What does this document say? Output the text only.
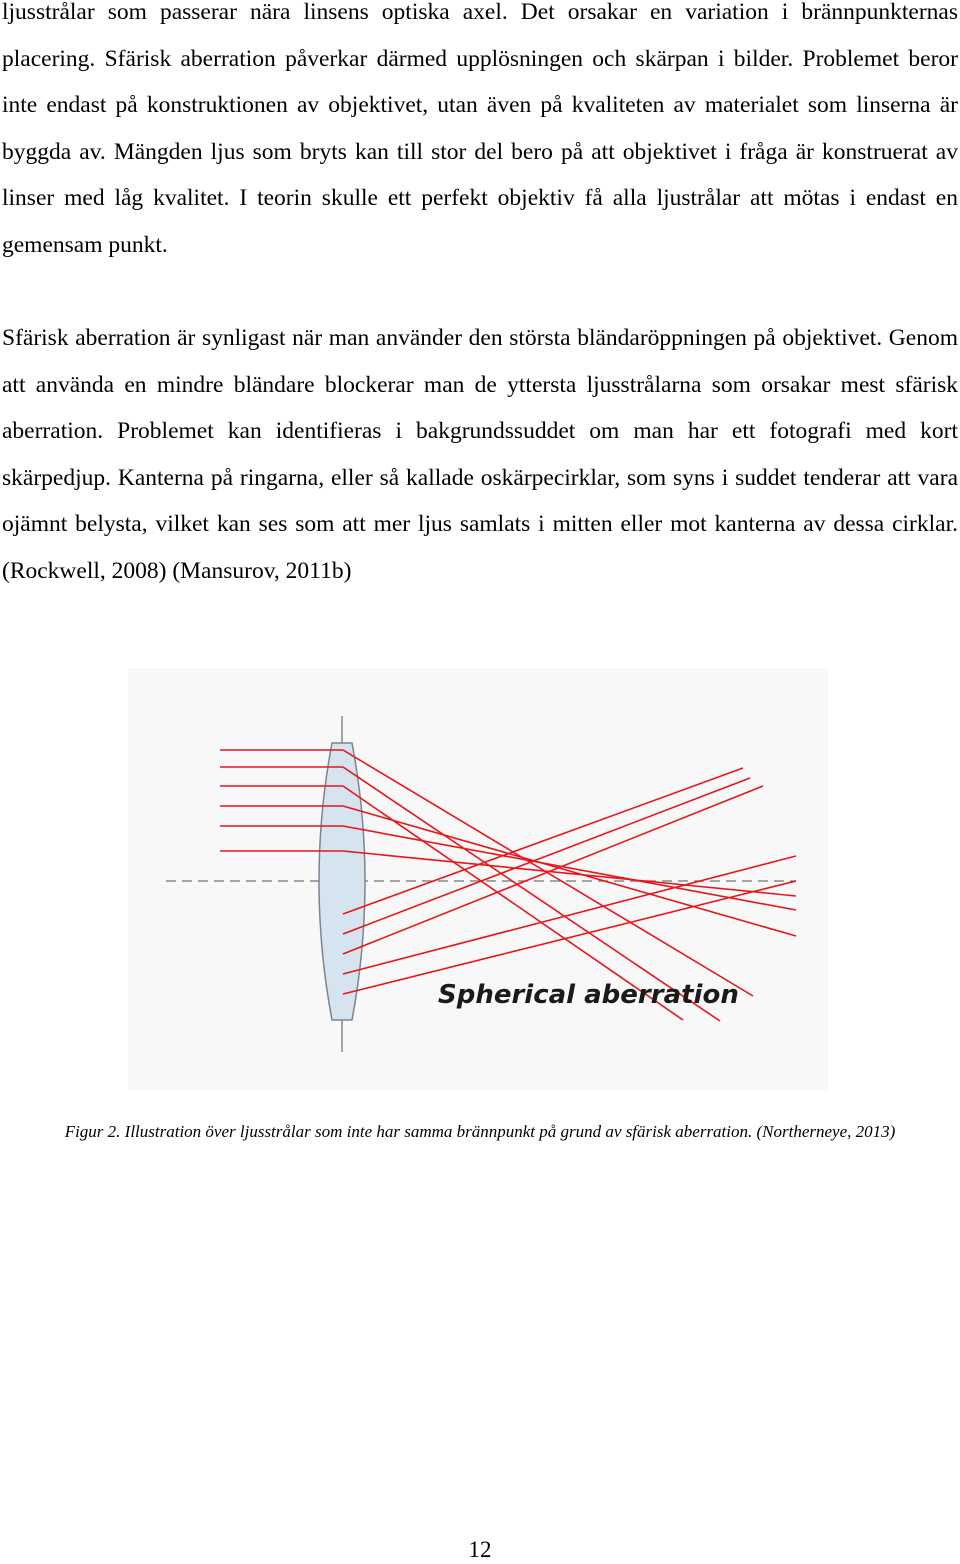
ljusstrålar som passerar nära linsens optiska axel. Det orsakar en variation i brännpunkternas placering. Sfärisk aberration påverkar därmed upplösningen och skärpan i bilder. Problemet beror inte endast på konstruktionen av objektivet, utan även på kvaliteten av materialet som linserna är byggda av. Mängden ljus som bryts kan till stor del bero på att objektivet i fråga är konstruerat av linser med låg kvalitet. I teorin skulle ett perfekt objektiv få alla ljustrålar att mötas i endast en gemensam punkt.

Sfärisk aberration är synligast när man använder den största bländaröppningen på objektivet. Genom att använda en mindre bländare blockerar man de yttersta ljusstrålarna som orsakar mest sfärisk aberration. Problemet kan identifieras i bakgrundssuddet om man har ett fotografi med kort skärpedjup. Kanterna på ringarna, eller så kallade oskärpecirklar, som syns i suddet tenderar att vara ojämnt belysta, vilket kan ses som att mer ljus samlats i mitten eller mot kanterna av dessa cirklar. (Rockwell, 2008) (Mansurov, 2011b)

Spherical aberration

Figur 2. Illustration över ljusstrålar som inte har samma brännpunkt på grund av sfärisk aberration. (Northerneye, 2013)

12
